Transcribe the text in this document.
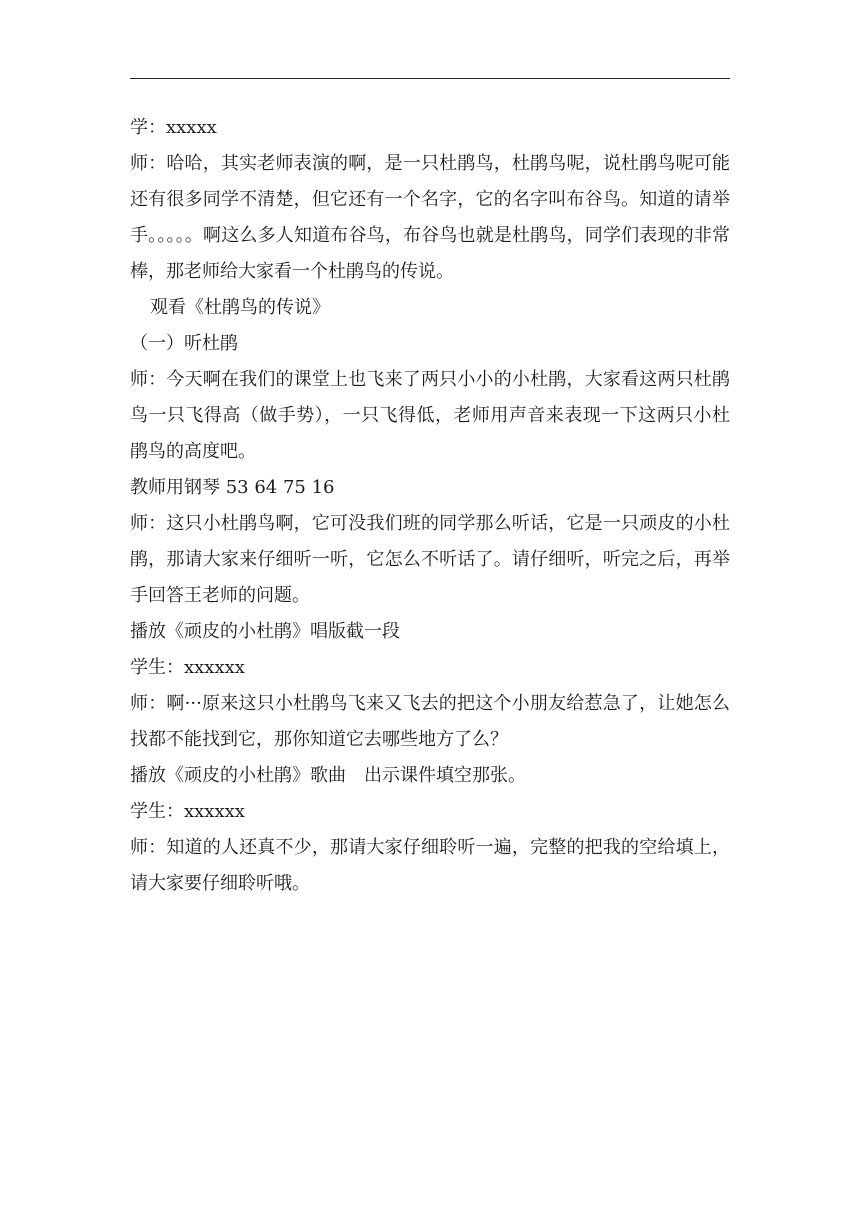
学：xxxxx

师：哈哈，其实老师表演的啊，是一只杜鹃鸟，杜鹃鸟呢，说杜鹃鸟呢可能还有很多同学不清楚，但它还有一个名字，它的名字叫布谷鸟。知道的请举手。。。。。啊这么多人知道布谷鸟，布谷鸟也就是杜鹃鸟，同学们表现的非常棒，那老师给大家看一个杜鹃鸟的传说。

观看《杜鹃鸟的传说》

（一）听杜鹃

师：今天啊在我们的课堂上也飞来了两只小小的小杜鹃，大家看这两只杜鹃鸟一只飞得高（做手势），一只飞得低，老师用声音来表现一下这两只小杜鹃鸟的高度吧。

教师用钢琴 53 64 75 16

师：这只小杜鹃鸟啊，它可没我们班的同学那么听话，它是一只顽皮的小杜鹃，那请大家来仔细听一听，它怎么不听话了。请仔细听，听完之后，再举手回答王老师的问题。

播放《顽皮的小杜鹃》唱版截一段

学生：xxxxxx

师：啊···原来这只小杜鹃鸟飞来又飞去的把这个小朋友给惹急了，让她怎么找都不能找到它，那你知道它去哪些地方了么？

播放《顽皮的小杜鹃》歌曲　出示课件填空那张。

学生：xxxxxx

师：知道的人还真不少，那请大家仔细聆听一遍，完整的把我的空给填上，请大家要仔细聆听哦。
